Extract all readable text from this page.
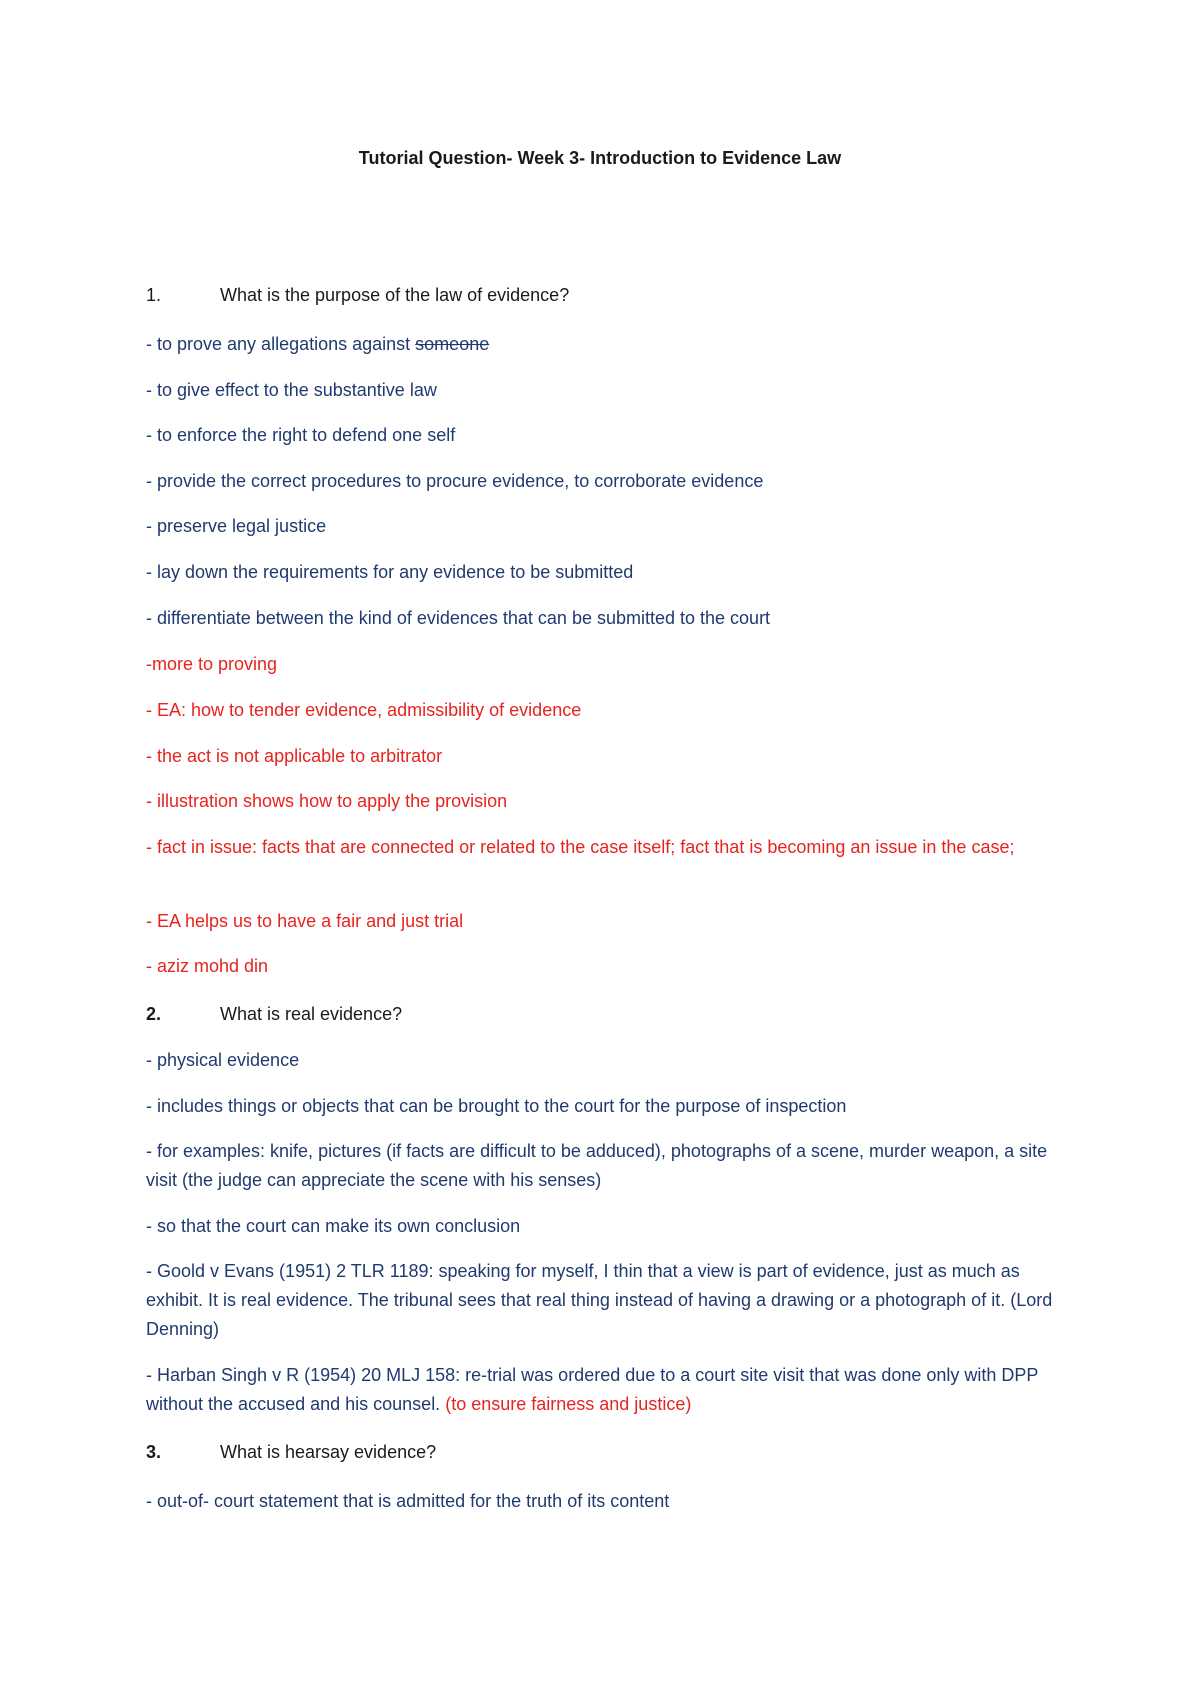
Tutorial Question- Week 3- Introduction to Evidence Law
1.	What is the purpose of the law of evidence?
- to prove any allegations against someone
- to give effect to the substantive law
- to enforce the right to defend one self
- provide the correct procedures to procure evidence, to corroborate evidence
- preserve legal justice
- lay down the requirements for any evidence to be submitted
- differentiate between the kind of evidences that can be submitted to the court
-more to proving
- EA: how to tender evidence, admissibility of evidence
- the act is not applicable to arbitrator
- illustration shows how to apply the provision
- fact in issue: facts that are connected or related to the case itself; fact that is becoming an issue in the case;
- EA helps us to have a fair and just trial
- aziz mohd din
2.	What is real evidence?
- physical evidence
- includes things or objects that can be brought to the court for the purpose of inspection
- for examples: knife, pictures (if facts are difficult to be adduced), photographs of a scene, murder weapon, a site visit (the judge can appreciate the scene with his senses)
- so that the court can make its own conclusion
- Goold v Evans (1951) 2 TLR 1189: speaking for myself, I thin that a view is part of evidence, just as much as exhibit. It is real evidence. The tribunal sees that real thing instead of having a drawing or a photograph of it. (Lord Denning)
- Harban Singh v R (1954) 20 MLJ 158: re-trial was ordered due to a court site visit that was done only with DPP without the accused and his counsel. (to ensure fairness and justice)
3.	What is hearsay evidence?
- out-of- court statement that is admitted for the truth of its content
